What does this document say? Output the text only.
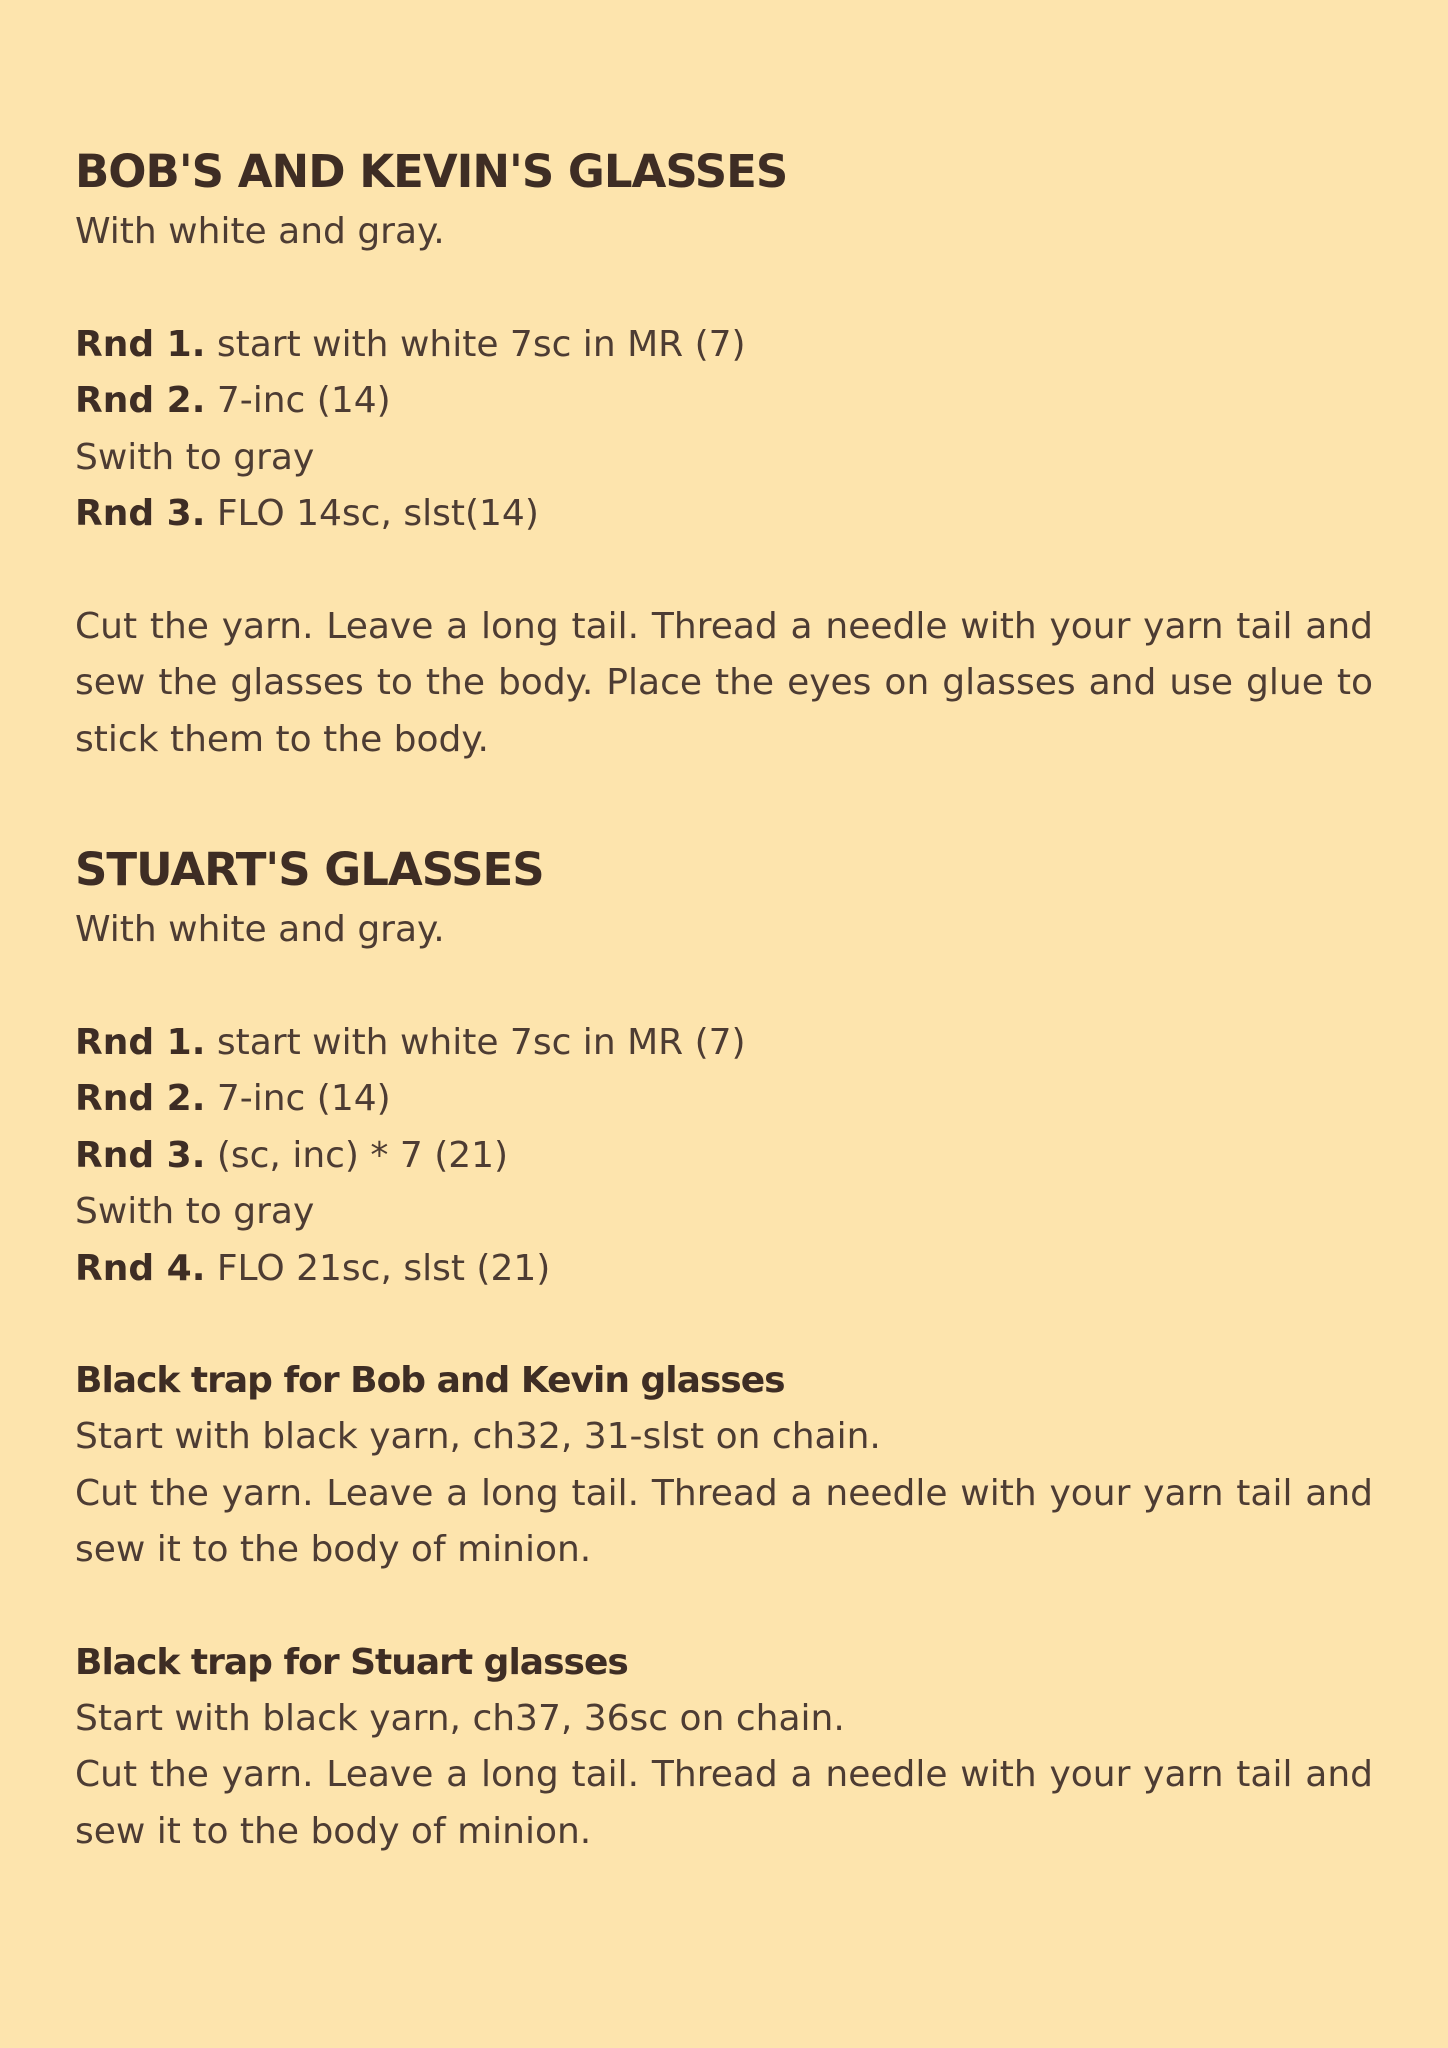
BOB'S AND KEVIN'S GLASSES

With white and gray.

Rnd 1. start with white 7sc in MR (7)

Rnd 2. 7-inc (14)

Swith to gray

Rnd 3. FLO 14sc, slst(14)

Cut the yarn. Leave a long tail. Thread a needle with your yarn tail and sew the glasses to the body. Place the eyes on glasses and use glue to stick them to the body.

STUART'S GLASSES

With white and gray.

Rnd 1. start with white 7sc in MR (7)

Rnd 2. 7-inc (14)

Rnd 3. (sc, inc) * 7 (21)

Swith to gray

Rnd 4. FLO 21sc, slst (21)

Black trap for Bob and Kevin glasses

Start with black yarn, ch32, 31-slst on chain.

Cut the yarn. Leave a long tail. Thread a needle with your yarn tail and sew it to the body of minion.

Black trap for Stuart glasses

Start with black yarn, ch37, 36sc on chain.

Cut the yarn. Leave a long tail. Thread a needle with your yarn tail and sew it to the body of minion.
